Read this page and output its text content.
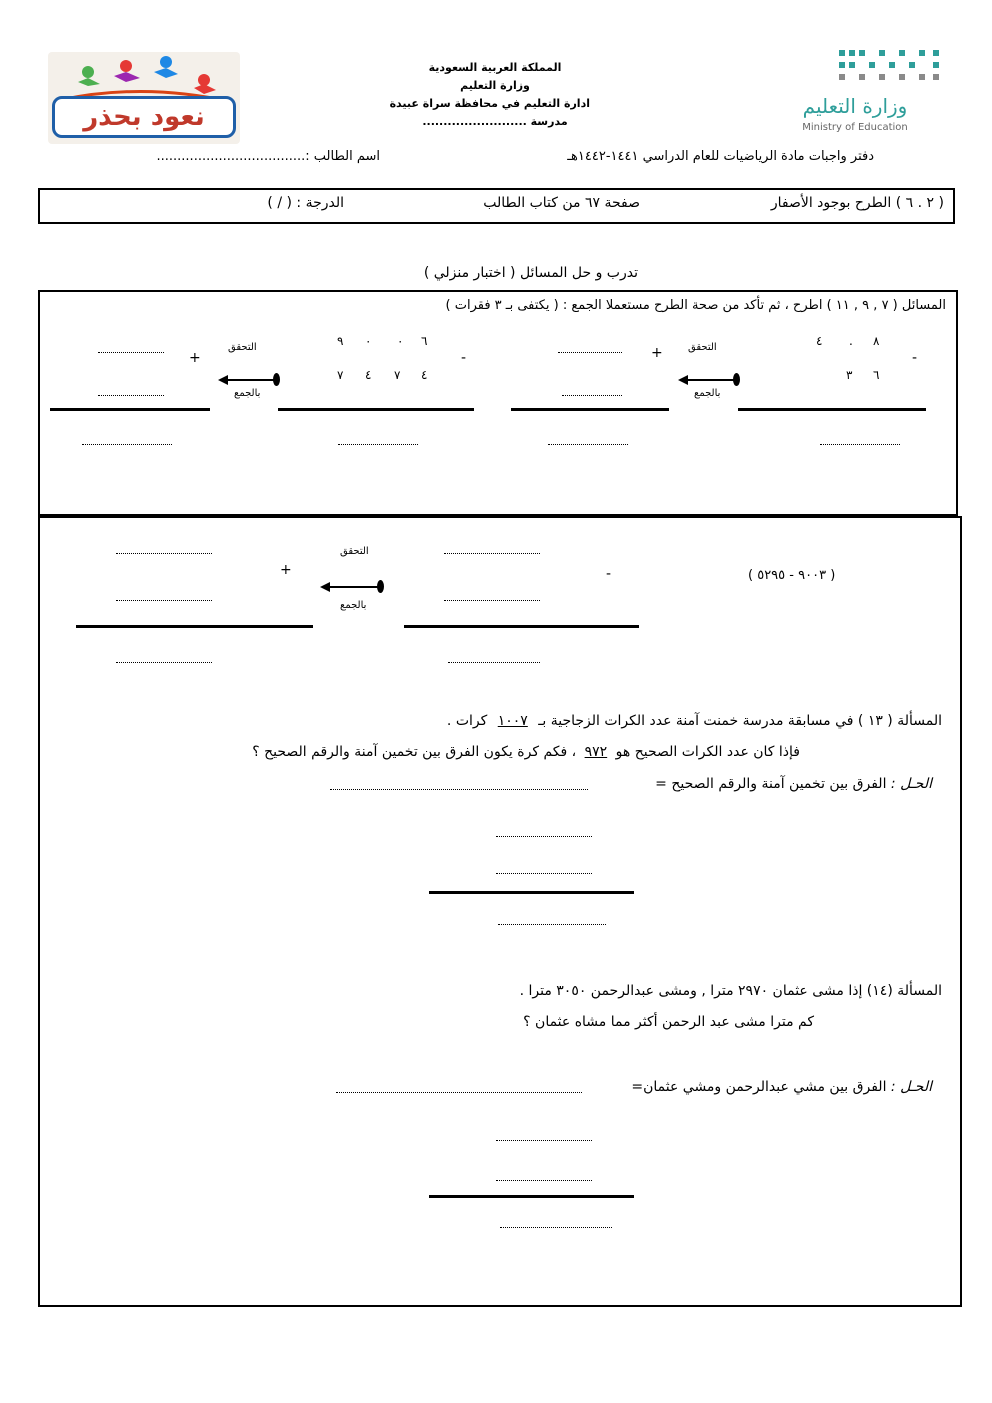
نعود بحذر
المملكة العربية السعودية
وزارة التعليم
ادارة التعليم في محافظة سراة عبيدة
مدرسة .........................
وزارة التعليم
Ministry of Education
دفتر واجبات مادة الرياضيات للعام الدراسي ١٤٤١-١٤٤٢هـ
اسم الطالب :....................................
( ٢ . ٦ ) الطرح بوجود الأصفار
صفحة ٦٧ من كتاب الطالب
الدرجة : ( / )
تدرب و حل المسائل ( اختبار منزلي )
المسائل ( ٧ , ٩ , ١١ ) اطرح ، ثم تأكد من صحة الطرح مستعملا الجمع : ( يكتفى بـ ٣ فقرات )
٨
.
٤
٦
٣
-
التحقق
بالجمع
+
٦
٠
٠
٩
٤
٧
٤
٧
-
التحقق
بالجمع
+
( ٩٠٠٣ - ٥٢٩٥ )
-
التحقق
بالجمع
+
المسألة ( ١٣ ) في مسابقة مدرسة خمنت آمنة عدد الكرات الزجاجية بـ ١٠٠٧ كرات .
فإذا كان عدد الكرات الصحيح هو ٩٧٢ ، فكم كرة يكون الفرق بين تخمين آمنة والرقم الصحيح ؟
الحـل : الفرق بين تخمين آمنة والرقم الصحيح =
المسألة (١٤) إذا مشى عثمان ٢٩٧٠ مترا , ومشى عبدالرحمن ٣٠٥٠ مترا .
كم مترا مشى عبد الرحمن أكثر مما مشاه عثمان ؟
الحـل : الفرق بين مشي عبدالرحمن ومشي عثمان=
